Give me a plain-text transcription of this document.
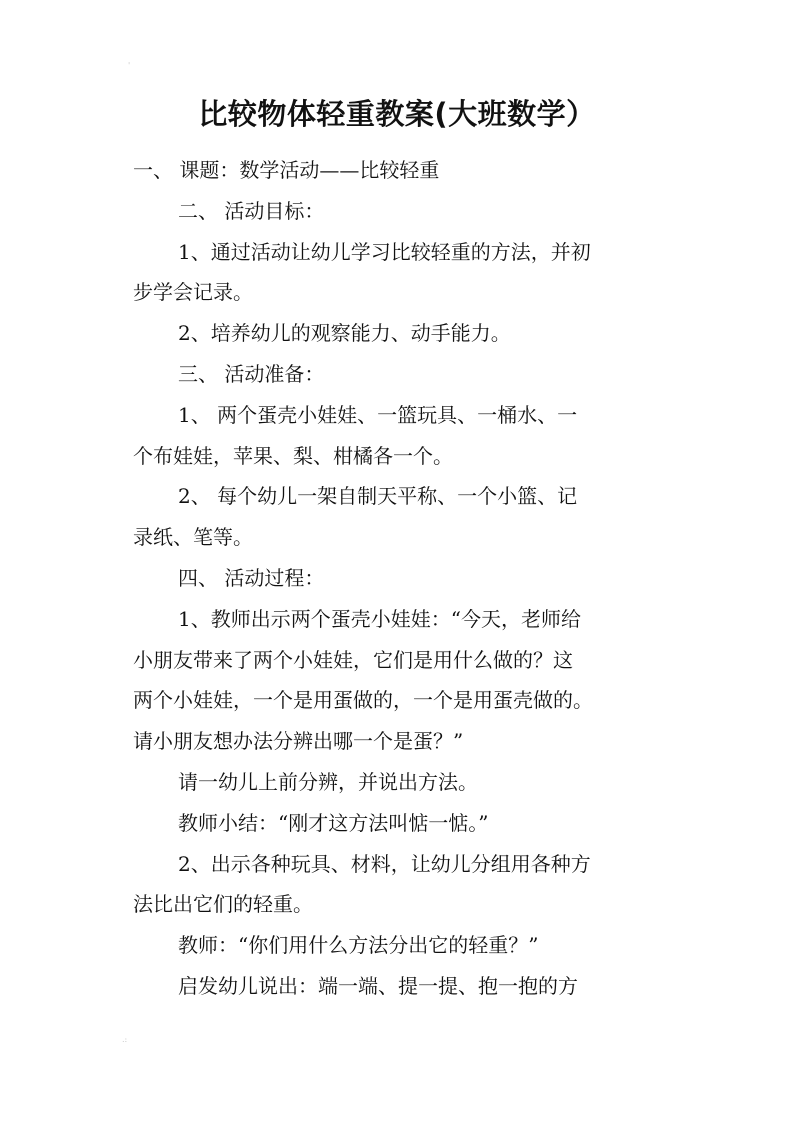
'
.:
比较物体轻重教案(大班数学）
一、 课题：数学活动——比较轻重
二、 活动目标：
1、通过活动让幼儿学习比较轻重的方法，并初
步学会记录。
2、培养幼儿的观察能力、动手能力。
三、 活动准备：
1、 两个蛋壳小娃娃、一篮玩具、一桶水、一
个布娃娃，苹果、梨、柑橘各一个。
2、 每个幼儿一架自制天平称、一个小篮、记
录纸、笔等。
四、 活动过程：
1、教师出示两个蛋壳小娃娃：“今天，老师给
小朋友带来了两个小娃娃，它们是用什么做的？这
两个小娃娃，一个是用蛋做的，一个是用蛋壳做的。
请小朋友想办法分辨出哪一个是蛋？”
请一幼儿上前分辨，并说出方法。
教师小结：“刚才这方法叫惦一惦。”
2、出示各种玩具、材料，让幼儿分组用各种方
法比出它们的轻重。
教师：“你们用什么方法分出它的轻重？”
启发幼儿说出：端一端、提一提、抱一抱的方
